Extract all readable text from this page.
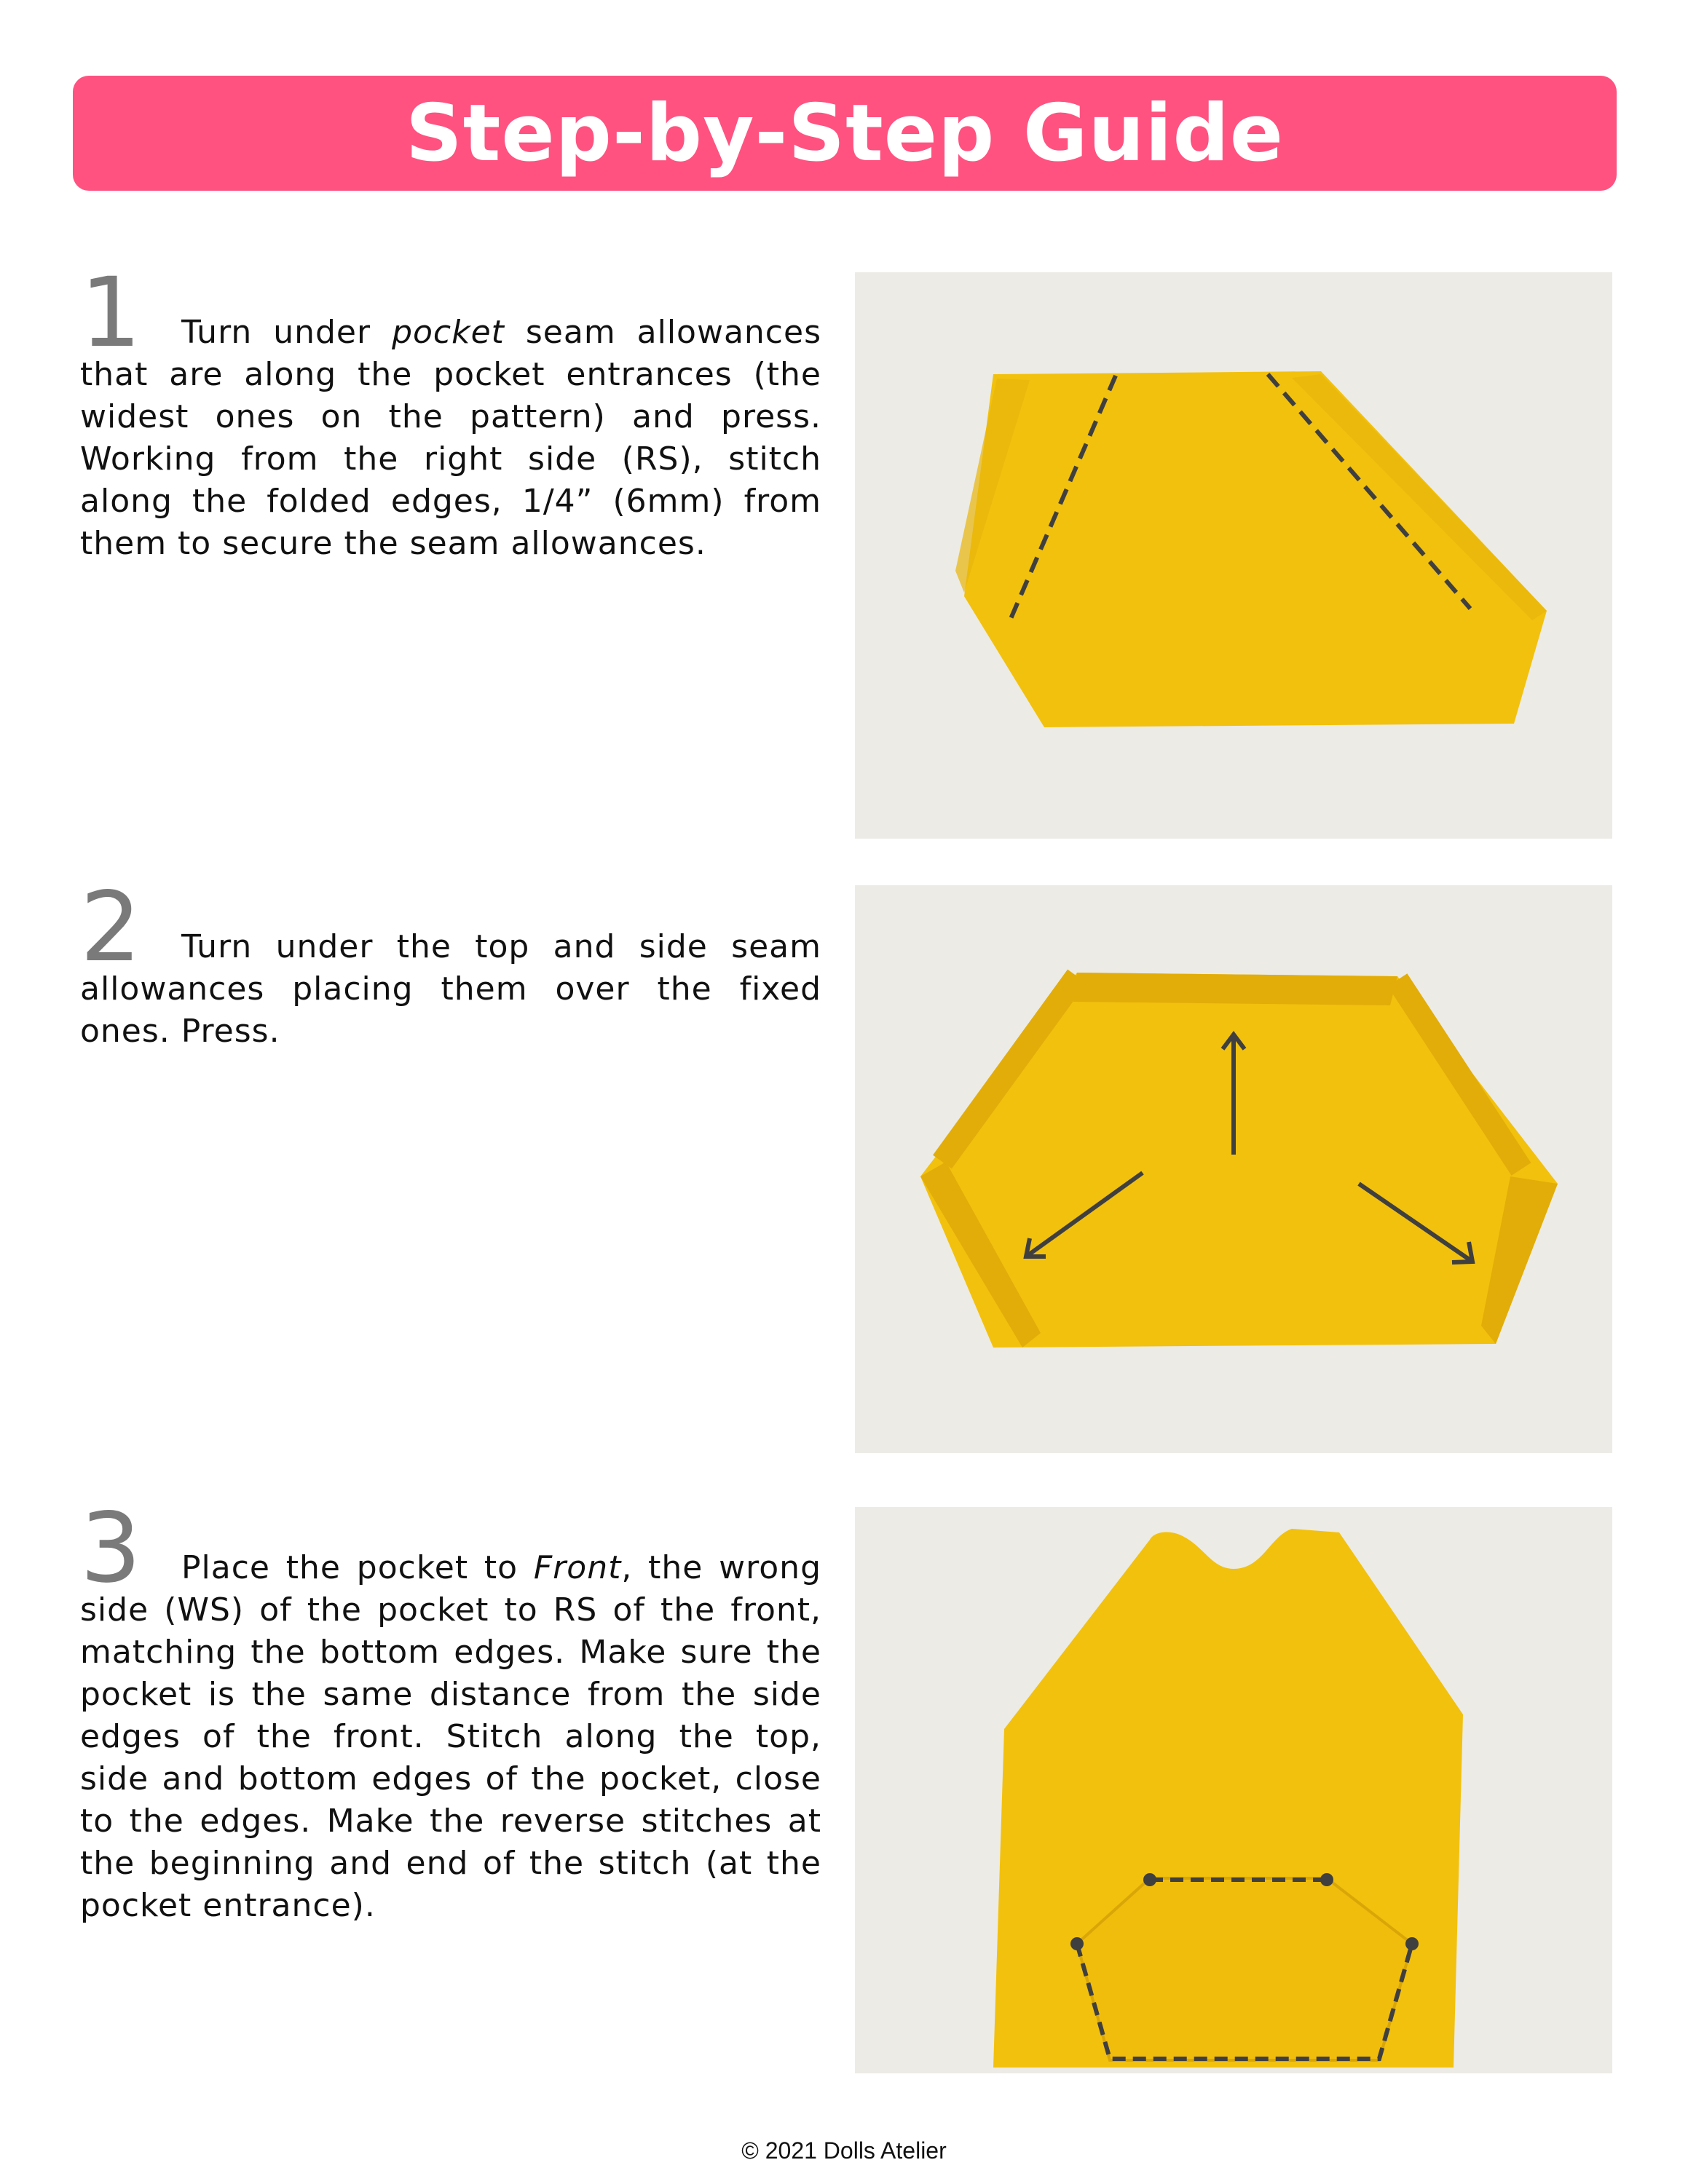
Step-by-Step Guide

1 Turn under pocket seam allowances that are along the pocket entrances (the widest ones on the pattern) and press. Working from the right side (RS), stitch along the folded edges, 1/4” (6mm) from them to secure the seam allowances.

2 Turn under the top and side seam allowances placing them over the fixed ones. Press.

3 Place the pocket to Front, the wrong side (WS) of the pocket to RS of the front, matching the bottom edges. Make sure the pocket is the same distance from the side edges of the front. Stitch along the top, side and bottom edges of the pocket, close to the edges. Make the reverse stitches at the beginning and end of the stitch (at the pocket entrance).

© 2021 Dolls Atelier
